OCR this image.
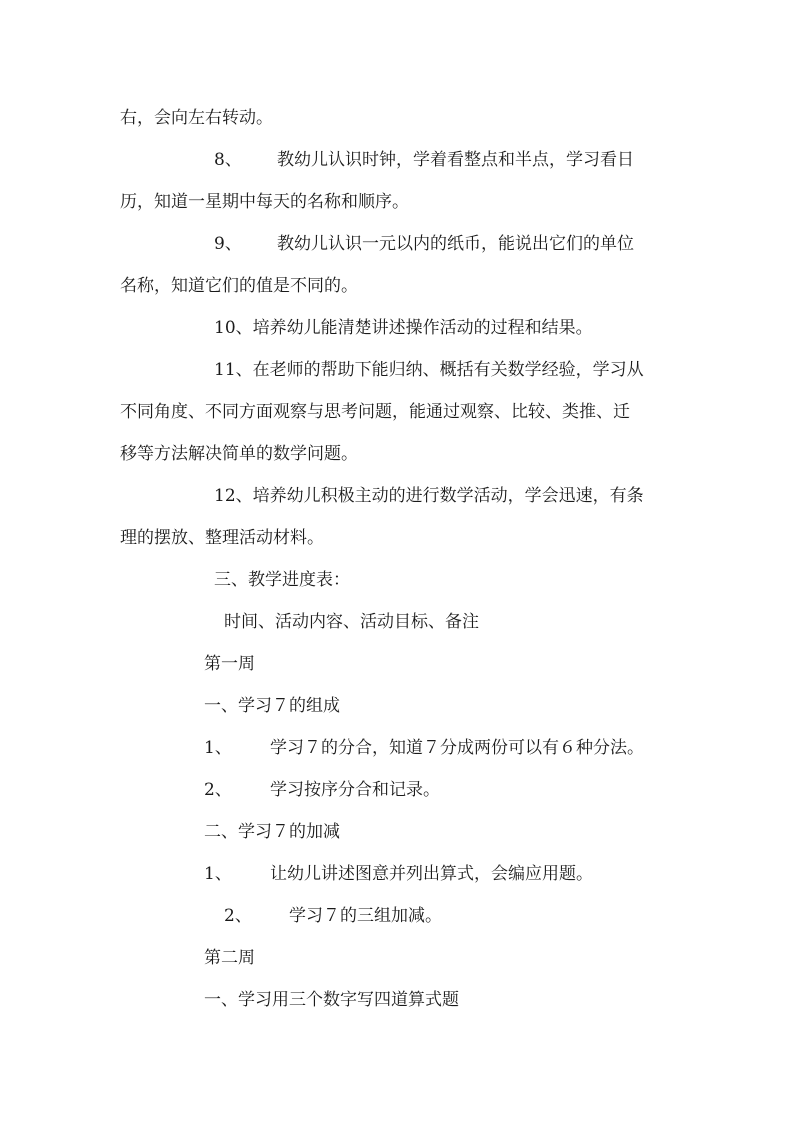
右，会向左右转动。

8、 教幼儿认识时钟，学着看整点和半点，学习看日

历，知道一星期中每天的名称和顺序。

9、 教幼儿认识一元以内的纸币，能说出它们的单位

名称，知道它们的值是不同的。

10、培养幼儿能清楚讲述操作活动的过程和结果。

11、在老师的帮助下能归纳、概括有关数学经验，学习从

不同角度、不同方面观察与思考问题，能通过观察、比较、类推、迁

移等方法解决简单的数学问题。

12、培养幼儿积极主动的进行数学活动，学会迅速，有条

理的摆放、整理活动材料。

三、教学进度表：

时间、活动内容、活动目标、备注

第一周

一、学习７的组成

1、 学习７的分合，知道７分成两份可以有６种分法。

2、 学习按序分合和记录。

二、学习７的加减

1、 让幼儿讲述图意并列出算式，会编应用题。

2、 学习７的三组加减。

第二周

一、学习用三个数字写四道算式题
